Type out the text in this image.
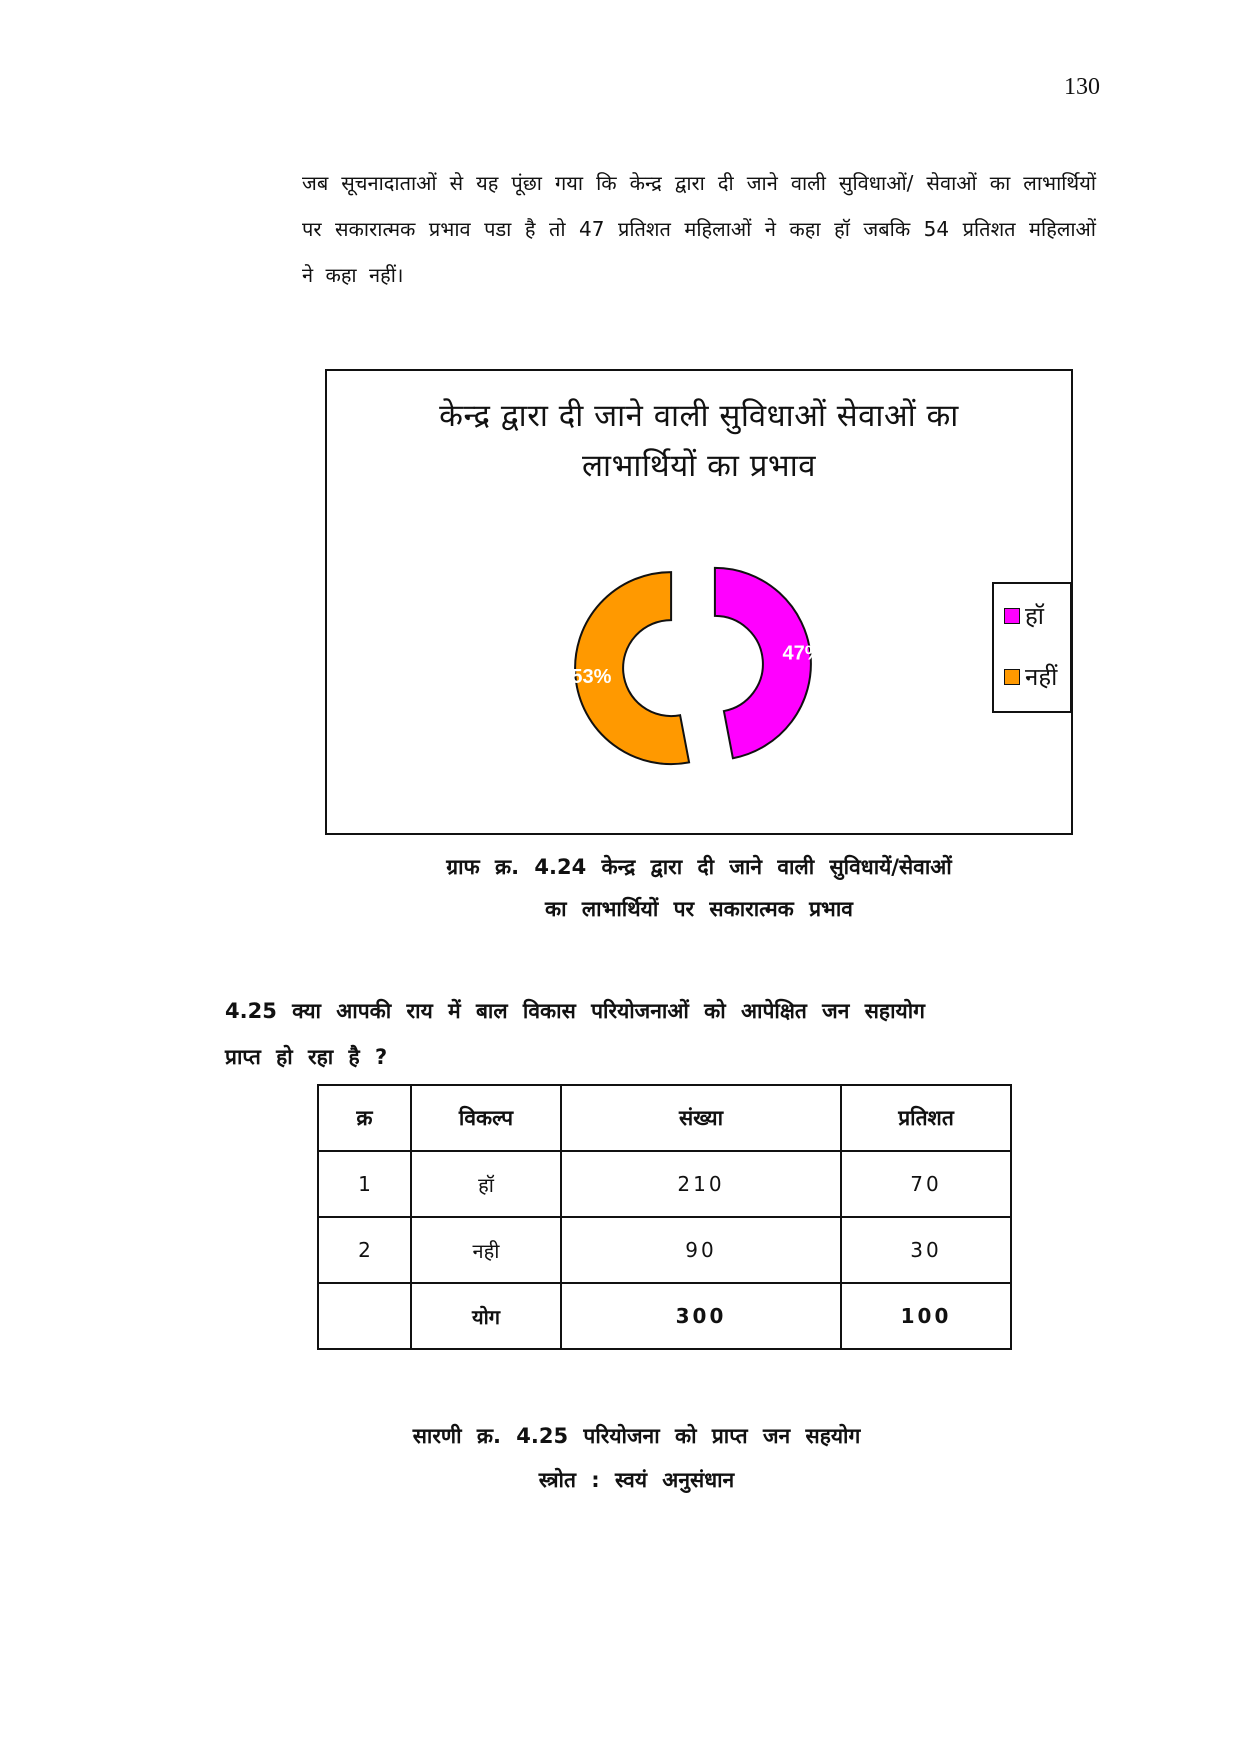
130
जब सूचनादाताओं से यह पूंछा गया कि केन्द्र द्वारा दी जाने वाली सुविधाओं/ सेवाओं का लाभार्थियों पर सकारात्मक प्रभाव पडा है तो 47 प्रतिशत महिलाओं ने कहा हॉ जबकि 54 प्रतिशत महिलाओं ने कहा नहीं।
केन्द्र द्वारा दी जाने वाली सुविधाओं सेवाओं का
लाभार्थियों का प्रभाव
47%
53%
हॉ
नहीं
ग्राफ क्र. 4.24 केन्द्र द्वारा दी जाने वाली सुविधायें/सेवाओं
का लाभार्थियों पर सकारात्मक प्रभाव
4.25 क्या आपकी राय में बाल विकास परियोजनाओं को आपेक्षित जन सहायोग
प्राप्त हो रहा है ?
क्र	विकल्प	संख्या	प्रतिशत
1	हॉ	210	70
2	नही	90	30
	योग	300	100
सारणी क्र. 4.25 परियोजना को प्राप्त जन सहयोग
स्त्रोत : स्वयं अनुसंधान
